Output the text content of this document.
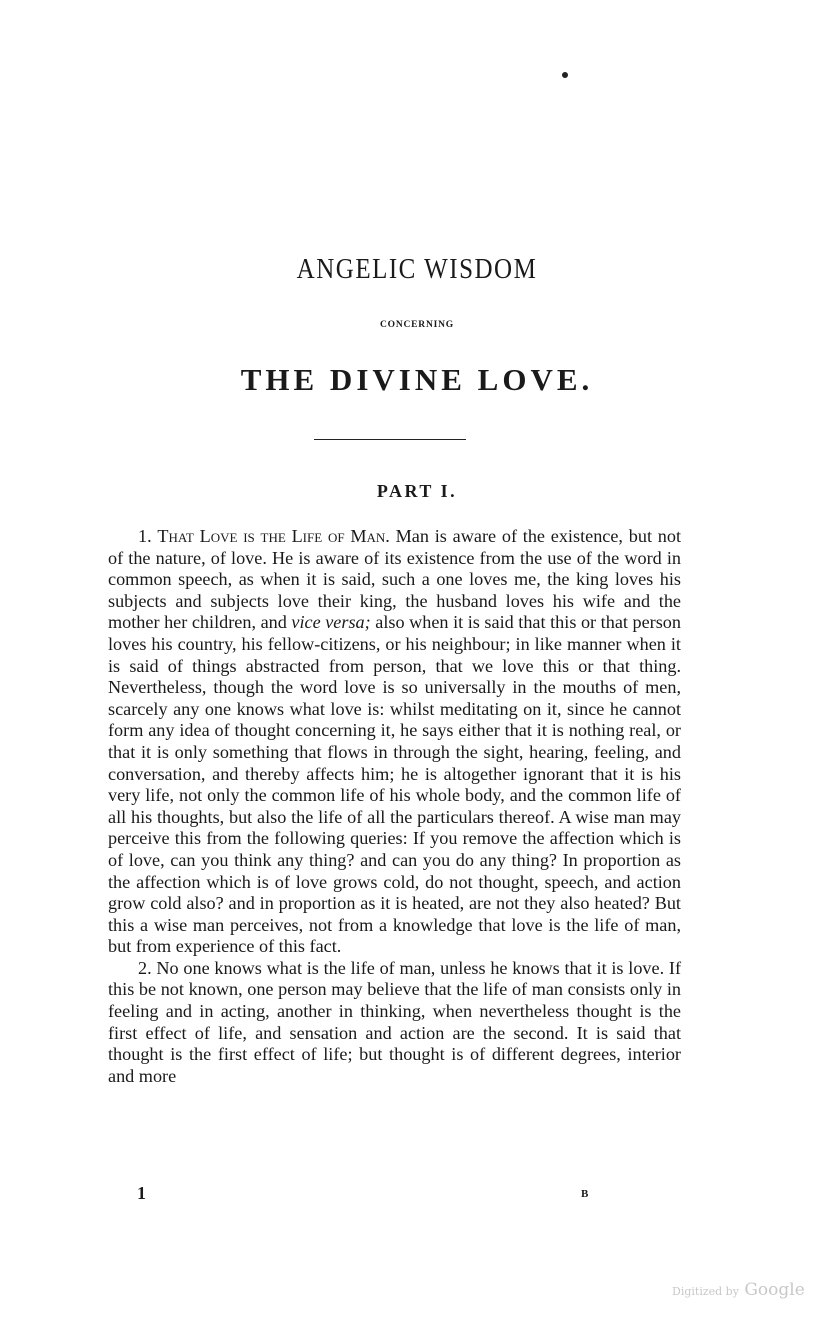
ANGELIC WISDOM
CONCERNING
THE DIVINE LOVE.
PART I.

1. That Love is the Life of Man. Man is aware of the existence, but not of the nature, of love. He is aware of its existence from the use of the word in common speech, as when it is said, such a one loves me, the king loves his subjects and subjects love their king, the husband loves his wife and the mother her children, and vice versa; also when it is said that this or that person loves his country, his fellow-citizens, or his neighbour; in like manner when it is said of things abstracted from person, that we love this or that thing. Nevertheless, though the word love is so universally in the mouths of men, scarcely any one knows what love is: whilst meditating on it, since he cannot form any idea of thought concerning it, he says either that it is nothing real, or that it is only something that flows in through the sight, hearing, feeling, and conversation, and thereby affects him; he is altogether ignorant that it is his very life, not only the common life of his whole body, and the common life of all his thoughts, but also the life of all the particulars thereof. A wise man may perceive this from the following queries: If you remove the affection which is of love, can you think any thing? and can you do any thing? In proportion as the affection which is of love grows cold, do not thought, speech, and action grow cold also? and in proportion as it is heated, are not they also heated? But this a wise man perceives, not from a knowledge that love is the life of man, but from experience of this fact.

2. No one knows what is the life of man, unless he knows that it is love. If this be not known, one person may believe that the life of man consists only in feeling and in acting, another in thinking, when nevertheless thought is the first effect of life, and sensation and action are the second. It is said that thought is the first effect of life; but thought is of different degrees, interior and more

1	B
Digitized by Google
